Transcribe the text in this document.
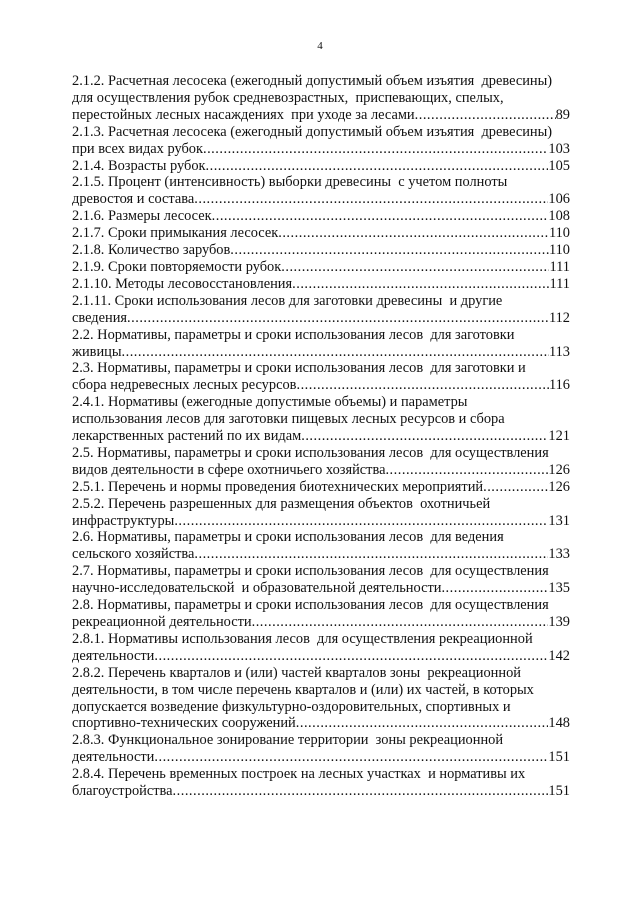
4
2.1.2. Расчетная лесосека (ежегодный допустимый объем изъятия  древесины)
для осуществления рубок средневозрастных,  приспевающих, спелых,
перестойных лесных насаждениях  при уходе за лесами .....	89
2.1.3. Расчетная лесосека (ежегодный допустимый объем изъятия  древесины)
при всех видах рубок .....	103
2.1.4. Возрасты рубок .....	105
2.1.5. Процент (интенсивность) выборки древесины  с учетом полноты
древостоя и состава .....	106
2.1.6. Размеры лесосек .....	108
2.1.7. Сроки примыкания лесосек .....	110
2.1.8. Количество зарубов .....	110
2.1.9. Сроки повторяемости рубок .....	111
2.1.10. Методы лесовосстановления .....	111
2.1.11. Сроки использования лесов для заготовки древесины  и другие
сведения .....	112
2.2. Нормативы, параметры и сроки использования лесов  для заготовки
живицы .....	113
2.3. Нормативы, параметры и сроки использования лесов  для заготовки и
сбора недревесных лесных ресурсов .....	116
2.4.1. Нормативы (ежегодные допустимые объемы) и параметры
использования лесов для заготовки пищевых лесных ресурсов и сбора
лекарственных растений по их видам .....	121
2.5. Нормативы, параметры и сроки использования лесов  для осуществления
видов деятельности в сфере охотничьего хозяйства .....	126
2.5.1. Перечень и нормы проведения биотехнических мероприятий .....	126
2.5.2. Перечень разрешенных для размещения объектов  охотничьей
инфраструктуры .....	131
2.6. Нормативы, параметры и сроки использования лесов  для ведения
сельского хозяйства .....	133
2.7. Нормативы, параметры и сроки использования лесов  для осуществления
научно-исследовательской  и образовательной деятельности .....	135
2.8. Нормативы, параметры и сроки использования лесов  для осуществления
рекреационной деятельности .....	139
2.8.1. Нормативы использования лесов  для осуществления рекреационной
деятельности .....	142
2.8.2. Перечень кварталов и (или) частей кварталов зоны  рекреационной
деятельности, в том числе перечень кварталов и (или) их частей, в которых
допускается возведение физкультурно-оздоровительных, спортивных и
спортивно-технических сооружений .....	148
2.8.3. Функциональное зонирование территории  зоны рекреационной
деятельности .....	151
2.8.4. Перечень временных построек на лесных участках  и нормативы их
благоустройства .....	151
